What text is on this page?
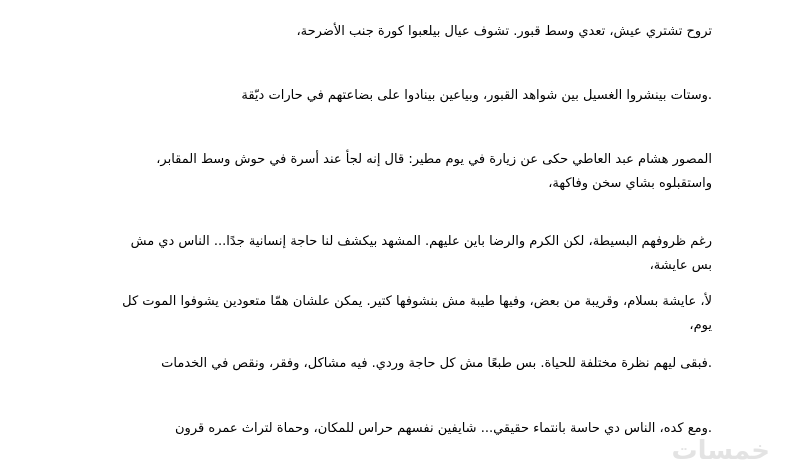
تروح تشتري عيش، تعدي وسط قبور. تشوف عيال بيلعبوا كورة جنب الأضرحة،

.وستات بينشروا الغسيل بين شواهد القبور، وبياعين بينادوا على بضاعتهم في حارات ديّقة

المصور هشام عبد العاطي حكى عن زيارة في يوم مطير: قال إنه لجأ عند أسرة في حوش وسط المقابر، واستقبلوه بشاي سخن وفاكهة،

رغم ظروفهم البسيطة، لكن الكرم والرضا باين عليهم. المشهد بيكشف لنا حاجة إنسانية جدًا... الناس دي مش بس عايشة،

لأ، عايشة بسلام، وقريبة من بعض، وفيها طيبة مش بنشوفها كتير. يمكن علشان همّا متعودين يشوفوا الموت كل يوم،

.فبقى ليهم نظرة مختلفة للحياة. بس طبعًا مش كل حاجة وردي. فيه مشاكل، وفقر، ونقص في الخدمات

.ومع كده، الناس دي حاسة بانتماء حقيقي... شايفين نفسهم حراس للمكان، وحماة لتراث عمره قرون

خمسات
